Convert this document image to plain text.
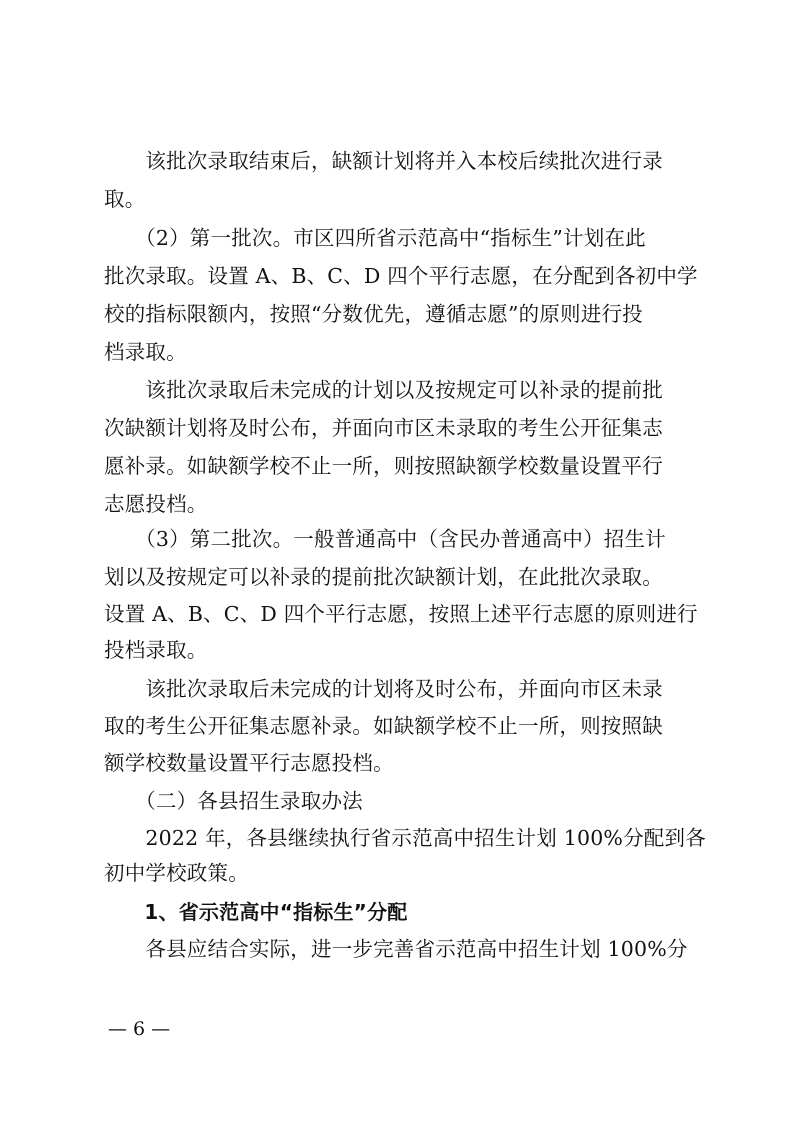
　　该批次录取结束后，缺额计划将并入本校后续批次进行录
取。
　　（2）第一批次。市区四所省示范高中“指标生”计划在此
批次录取。设置 A、B、C、D 四个平行志愿，在分配到各初中学
校的指标限额内，按照“分数优先，遵循志愿”的原则进行投
档录取。
　　该批次录取后未完成的计划以及按规定可以补录的提前批
次缺额计划将及时公布，并面向市区未录取的考生公开征集志
愿补录。如缺额学校不止一所，则按照缺额学校数量设置平行
志愿投档。
　　（3）第二批次。一般普通高中（含民办普通高中）招生计
划以及按规定可以补录的提前批次缺额计划，在此批次录取。
设置 A、B、C、D 四个平行志愿，按照上述平行志愿的原则进行
投档录取。
　　该批次录取后未完成的计划将及时公布，并面向市区未录
取的考生公开征集志愿补录。如缺额学校不止一所，则按照缺
额学校数量设置平行志愿投档。
　　（二）各县招生录取办法
　　2022 年，各县继续执行省示范高中招生计划 100%分配到各
初中学校政策。
　　1、省示范高中“指标生”分配
　　各县应结合实际，进一步完善省示范高中招生计划 100%分
— 6 —
